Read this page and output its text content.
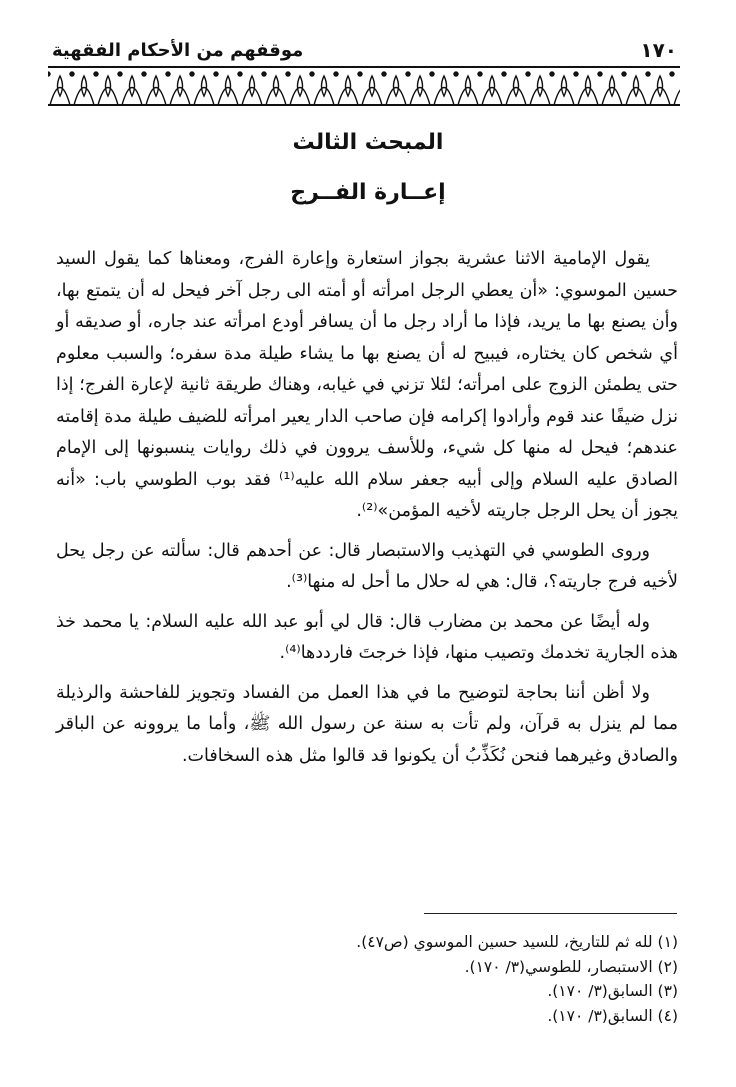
موقفهم من الأحكام الفقهية	١٧٠
المبحث الثالث
إعــارة الفــرج

يقول الإمامية الاثنا عشرية بجواز استعارة وإعارة الفرج، ومعناها كما يقول السيد حسين الموسوي: «أن يعطي الرجل امرأته أو أمته الى رجل آخر فيحل له أن يتمتع بها، وأن يصنع بها ما يريد، فإذا ما أراد رجل ما أن يسافر أودع امرأته عند جاره، أو صديقه أو أي شخص كان يختاره، فيبيح له أن يصنع بها ما يشاء طيلة مدة سفره؛ والسبب معلوم حتى يطمئن الزوج على امرأته؛ لئلا تزني في غيابه، وهناك طريقة ثانية لإعارة الفرج؛ إذا نزل ضيفًا عند قوم وأرادوا إكرامه فإن صاحب الدار يعير امرأته للضيف طيلة مدة إقامته عندهم؛ فيحل له منها كل شيء، وللأسف يروون في ذلك روايات ينسبونها إلى الإمام الصادق عليه السلام وإلى أبيه جعفر سلام الله عليه⁽¹⁾ فقد بوب الطوسي باب: «أنه يجوز أن يحل الرجل جاريته لأخيه المؤمن»⁽²⁾.

وروى الطوسي في التهذيب والاستبصار قال: عن أحدهم قال: سألته عن رجل يحل لأخيه فرج جاريته؟، قال: هي له حلال ما أحل له منها⁽³⁾.

وله أيضًا عن محمد بن مضارب قال: قال لي أبو عبد الله عليه السلام: يا محمد خذ هذه الجارية تخدمك وتصيب منها، فإذا خرجتَ فارددها⁽⁴⁾.

ولا أظن أننا بحاجة لتوضيح ما في هذا العمل من الفساد وتجويز للفاحشة والرذيلة مما لم ينزل به قرآن، ولم تأت به سنة عن رسول الله ﷺ، وأما ما يروونه عن الباقر والصادق وغيرهما فنحن نُكَذِّبُ أن يكونوا قد قالوا مثل هذه السخافات.

(١) لله ثم للتاريخ، للسيد حسين الموسوي (ص٤٧).
(٢) الاستبصار، للطوسي(٣/ ١٧٠).
(٣) السابق(٣/ ١٧٠).
(٤) السابق(٣/ ١٧٠).
